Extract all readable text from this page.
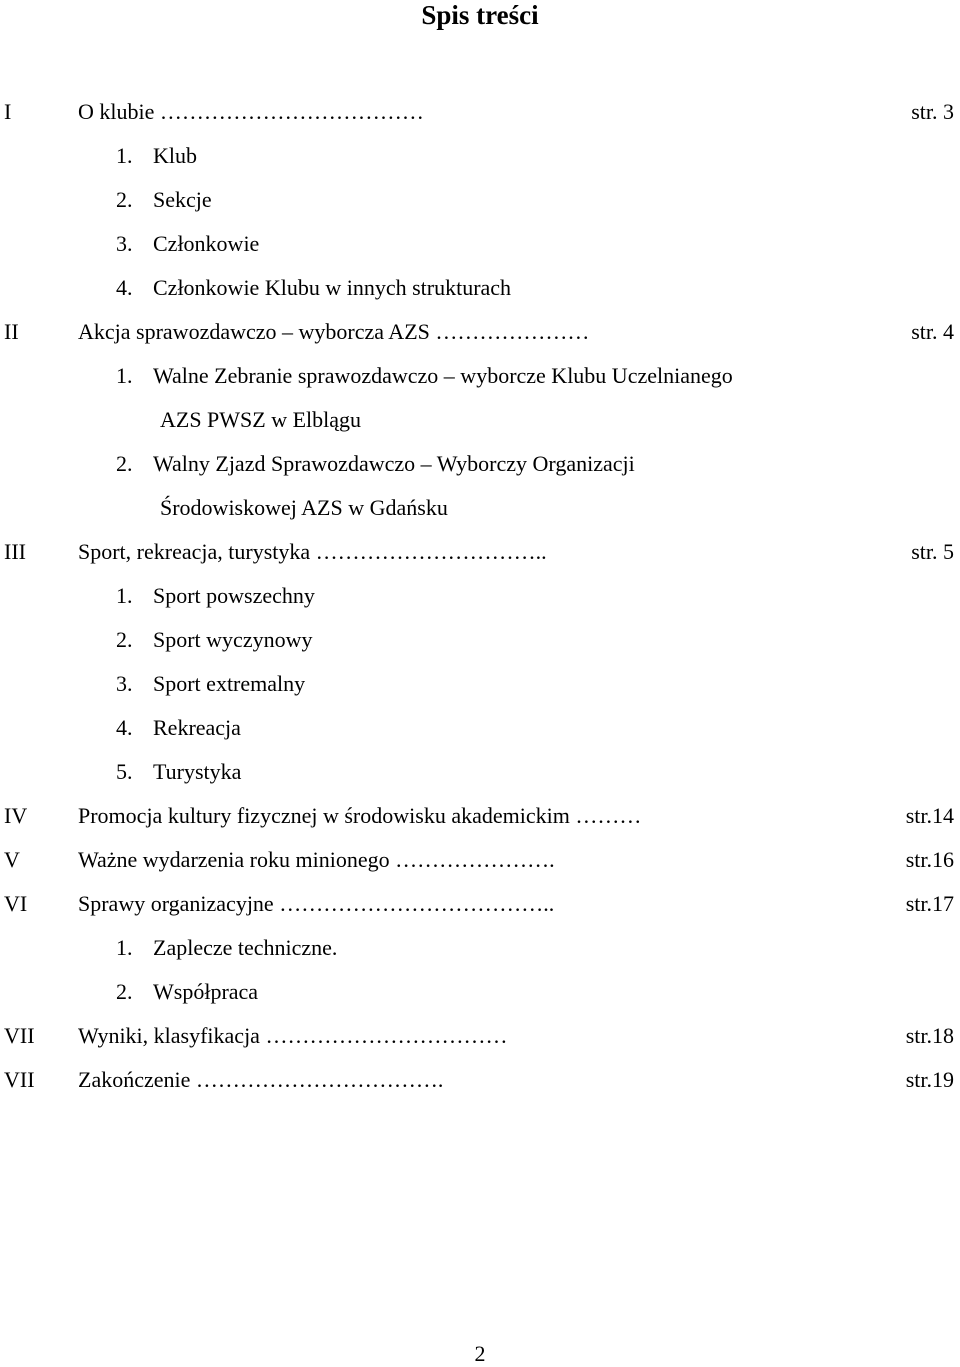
Spis treści
I	O klubie ………………………………	str. 3
1. Klub
2. Sekcje
3. Członkowie
4. Członkowie Klubu w innych strukturach
II	Akcja sprawozdawczo – wyborcza AZS …………………	str. 4
1. Walne Zebranie sprawozdawczo – wyborcze Klubu Uczelnianego
AZS PWSZ w Elblągu
2. Walny Zjazd Sprawozdawczo – Wyborczy Organizacji
Środowiskowej AZS w Gdańsku
III Sport, rekreacja, turystyka …………………………..	str. 5
1. Sport powszechny
2. Sport wyczynowy
3. Sport extremalny
4. Rekreacja
5. Turystyka
IV Promocja kultury fizycznej w środowisku akademickim ………	str.14
V	Ważne wydarzenia roku minionego ………………….	str.16
VI Sprawy organizacyjne ………………………………..	str.17
1. Zaplecze techniczne.
2. Współpraca
VII Wyniki, klasyfikacja ……………………………	str.18
VII Zakończenie …………………………….	str.19
2
